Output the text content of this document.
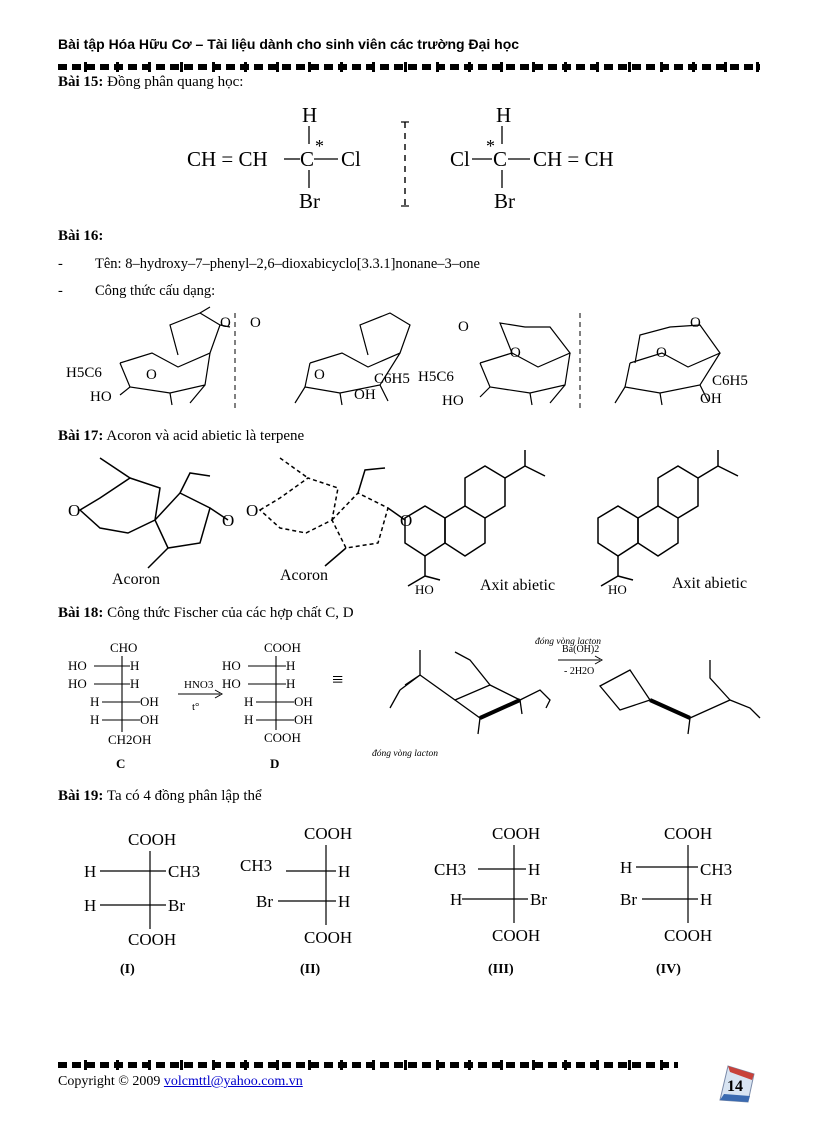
Bài tập Hóa Hữu Cơ – Tài liệu dành cho sinh viên các trường Đại học
Bài 15: Đồng phân quang học:
CH = CH C
*
Cl
H
Br
Cl C
*
CH = CH
H
Br
Bài 16:
- Tên: 8–hydroxy–7–phenyl–2,6–dioxabicyclo[3.3.1]nonane–3–one
- Công thức cấu dạng:
H5C6
HO
O
O	C6H5
OH
O
O	H5C6
HO
O
O
C6H5
OH
O
O
Bài 17: Acoron và acid abietic là terpene
O
O
O
O
Acoron	Acoron
HO	Axit abietic	HO	Axit abietic
Bài 18: Công thức Fischer của các hợp chất C, D
CHO
HO	H
HO	H
H	OH
H	OH
CH2OH
C
HNO3
t°
COOH
HO	H
HO	H
H	OH
H	OH
COOH
D
≡
đóng vòng lacton
đóng vòng lacton
Ba(OH)2
- 2H2O
Bài 19: Ta có 4 đồng phân lập thể
COOH
H	CH3
H	Br
COOH
(I)
COOH
CH3	H
Br	H
COOH
(II)
COOH
CH3	H
H	Br
COOH
(III)
COOH
H	CH3
Br	H
COOH
(IV)
Copyright © 2009 volcmttl@yahoo.com.vn	14
